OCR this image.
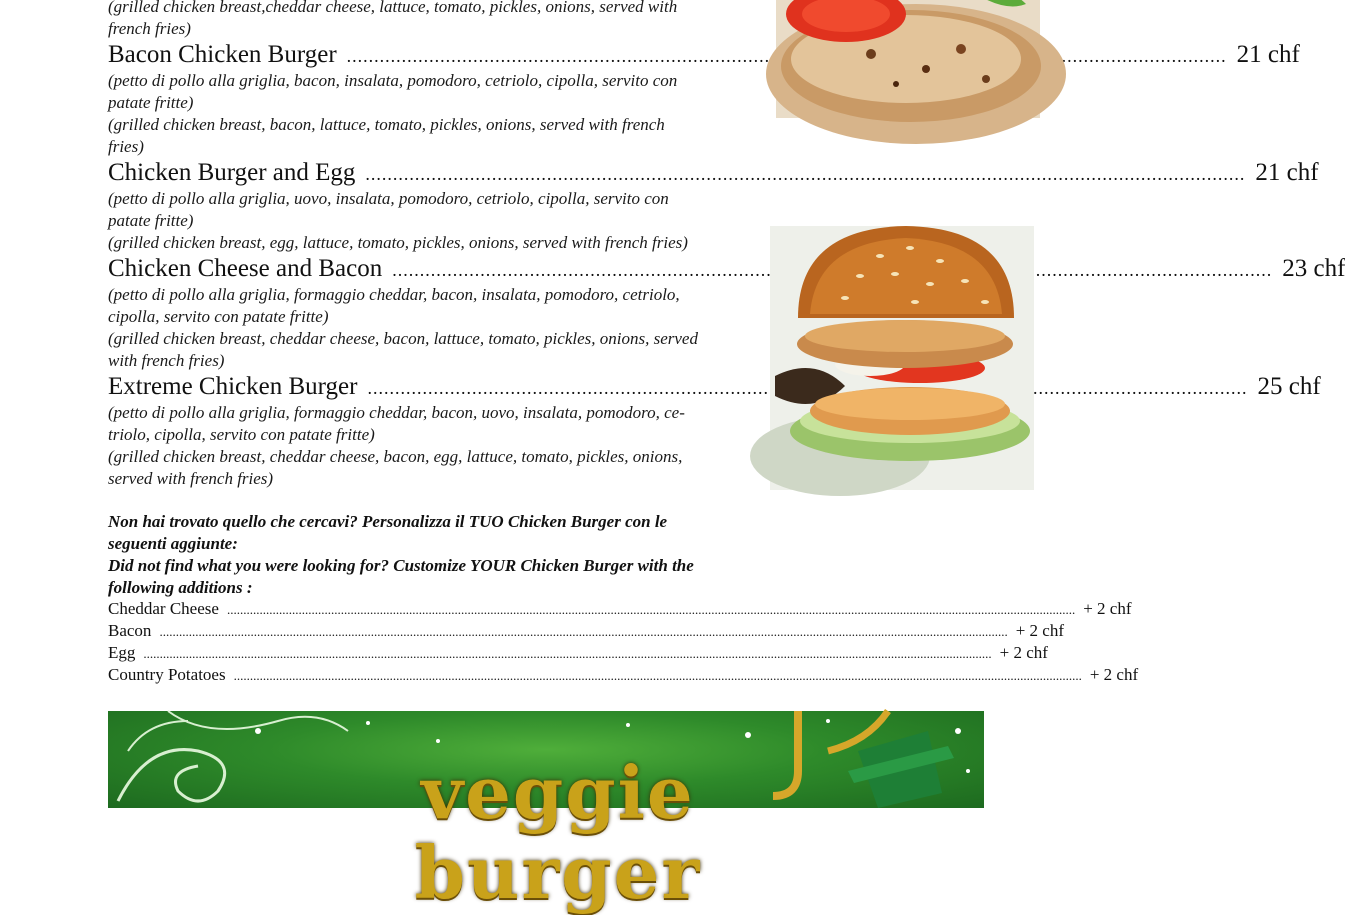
(grilled chicken breast,cheddar cheese, lattuce, tomato, pickles, onions, served with
french fries)
Bacon Chicken Burger .....	21 chf
(petto di pollo alla griglia, bacon, insalata, pomodoro, cetriolo, cipolla, servito con
patate fritte)
(grilled chicken breast, bacon, lattuce, tomato, pickles, onions, served with french
fries)
Chicken Burger and Egg .....	21 chf
(petto di pollo alla griglia, uovo, insalata, pomodoro, cetriolo, cipolla, servito con
patate fritte)
(grilled chicken breast, egg, lattuce, tomato, pickles, onions, served with french fries)
Chicken Cheese and Bacon .....	23 chf
(petto di pollo alla griglia, formaggio cheddar, bacon, insalata, pomodoro, cetriolo,
cipolla, servito con patate fritte)
(grilled chicken breast, cheddar cheese, bacon, lattuce, tomato, pickles, onions, served
with french fries)
Extreme Chicken Burger .....	25 chf
(petto di pollo alla griglia, formaggio cheddar, bacon, uovo, insalata, pomodoro, ce-
triolo, cipolla, servito con patate fritte)
(grilled chicken breast, cheddar cheese, bacon, egg, lattuce, tomato, pickles, onions,
served with french fries)
Non hai trovato quello che cercavi? Personalizza il TUO Chicken Burger con le
seguenti aggiunte:
Did not find what you were looking for? Customize YOUR Chicken Burger with the
following additions :
Cheddar Cheese .....	+ 2 chf
Bacon .....	+ 2 chf
Egg .....	+ 2 chf
Country Potatoes .....	+ 2 chf
veggie burger
